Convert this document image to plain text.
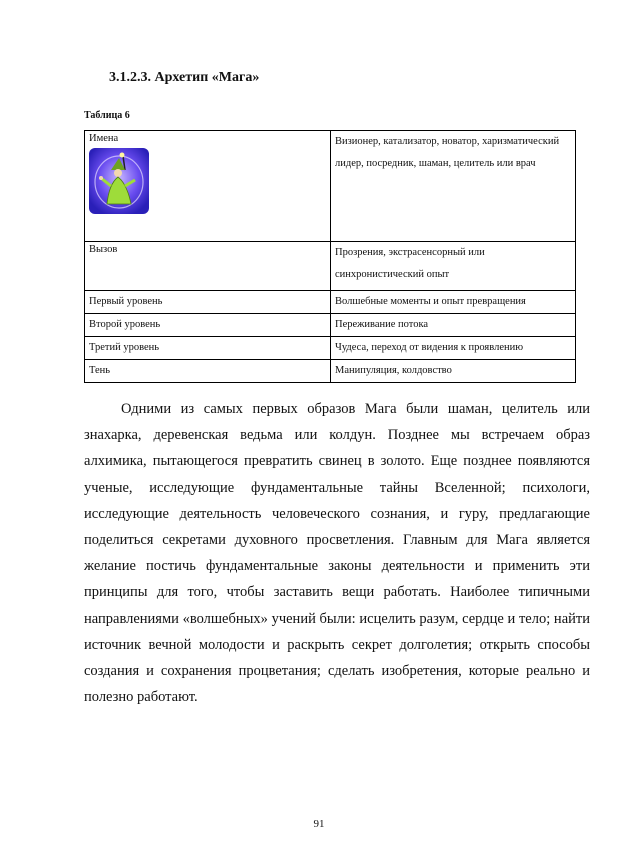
3.1.2.3. Архетип «Мага»
Таблица 6
Имена	Визионер, катализатор, новатор, харизматический лидер, посредник, шаман, целитель или врач
Вызов	Прозрения, экстрасенсорный или синхронистический опыт
Первый уровень	Волшебные моменты и опыт превращения
Второй уровень	Переживание потока
Третий уровень	Чудеса, переход от видения к проявлению
Тень	Манипуляция, колдовство

Одними из самых первых образов Мага были шаман, целитель или знахарка, деревенская ведьма или колдун. Позднее мы встречаем образ алхимика, пытающегося превратить свинец в золото. Еще позднее появляются ученые, исследующие фундаментальные тайны Вселенной; психологи, исследующие деятельность человеческого сознания, и гуру, предлагающие поделиться секретами духовного просветления. Главным для Мага является желание постичь фундаментальные законы деятельности и применить эти принципы для того, чтобы заставить вещи работать. Наиболее типичными направлениями «волшебных» учений были: исцелить разум, сердце и тело; найти источник вечной молодости и раскрыть секрет долголетия; открыть способы создания и сохранения процветания; сделать изобретения, которые реально и полезно работают.

91
